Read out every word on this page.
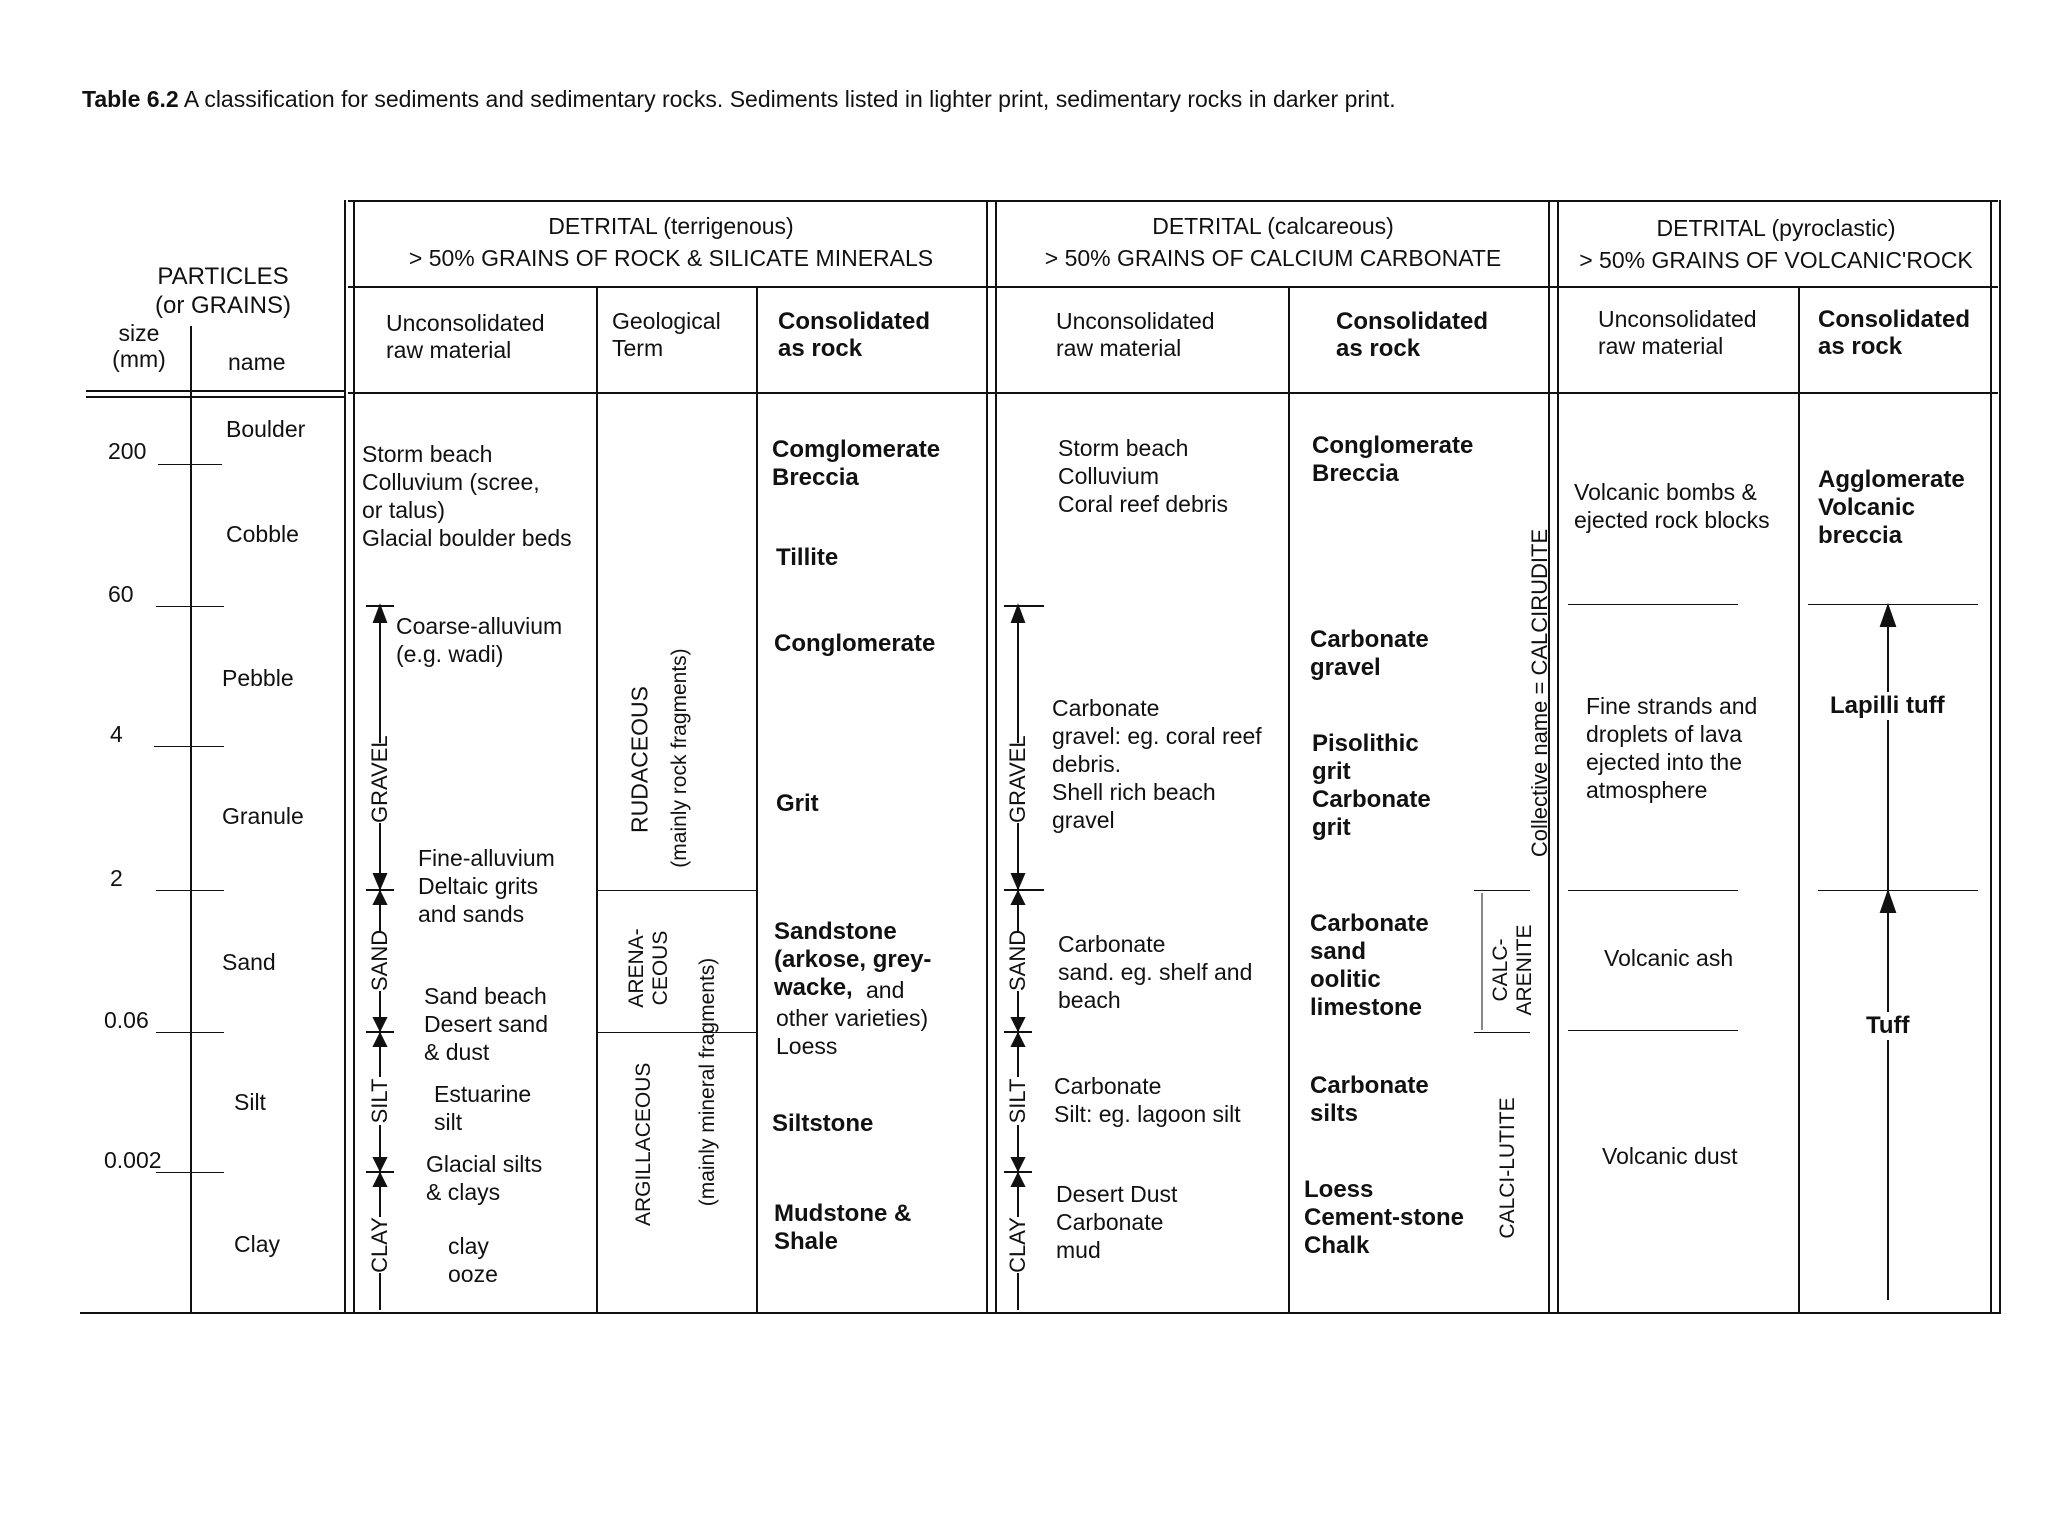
Table 6.2 A classification for sediments and sedimentary rocks. Sediments listed in lighter print, sedimentary rocks in darker print.
PARTICLES
(or GRAINS)
size
(mm)	name
200
60
4
2
0.06
0.002
Boulder
Cobble
Pebble
Granule
Sand
Silt
Clay
DETRITAL (terrigenous)
> 50% GRAINS OF ROCK & SILICATE MINERALS
Unconsolidated
raw material
Geological
Term
Consolidated
as rock
Storm beach
Colluvium (scree,
or talus)
Glacial boulder beds
Coarse-alluvium
(e.g. wadi)
Fine-alluvium
Deltaic grits
and sands
Sand beach
Desert sand
& dust
Estuarine
silt
Glacial silts
& clays
clay
ooze
GRAVEL
SAND
SILT
CLAY
RUDACEOUS (mainly rock fragments)
ARENA-
CEOUS
ARGILLACEOUS (mainly mineral fragments)
Comglomerate
Breccia
Tillite
Conglomerate
Grit
Sandstone
(arkose, grey-
wacke, and
other varieties)
Loess
Siltstone
Mudstone &
Shale
DETRITAL (calcareous)
> 50% GRAINS OF CALCIUM CARBONATE
Unconsolidated
raw material
Consolidated
as rock
Storm beach
Colluvium
Coral reef debris
Carbonate
gravel: eg. coral reef
debris.
Shell rich beach
gravel
Carbonate
sand. eg. shelf and
beach
Carbonate
Silt: eg. lagoon silt
Desert Dust
Carbonate
mud
GRAVEL
SAND
SILT
CLAY
Conglomerate
Breccia
Carbonate
gravel
Pisolithic
grit
Carbonate
grit
Carbonate
sand
oolitic
limestone
Carbonate
silts
Loess
Cement-stone
Chalk
Collective name = CALCIRUDITE
CALC-
ARENITE
CALCI-LUTITE
DETRITAL (pyroclastic)
> 50% GRAINS OF VOLCANIC'ROCK
Unconsolidated
raw material
Consolidated
as rock
Volcanic bombs &
ejected rock blocks
Fine strands and
droplets of lava
ejected into the
atmosphere
Volcanic ash
Volcanic dust
Agglomerate
Volcanic
breccia
Lapilli tuff
Tuff
